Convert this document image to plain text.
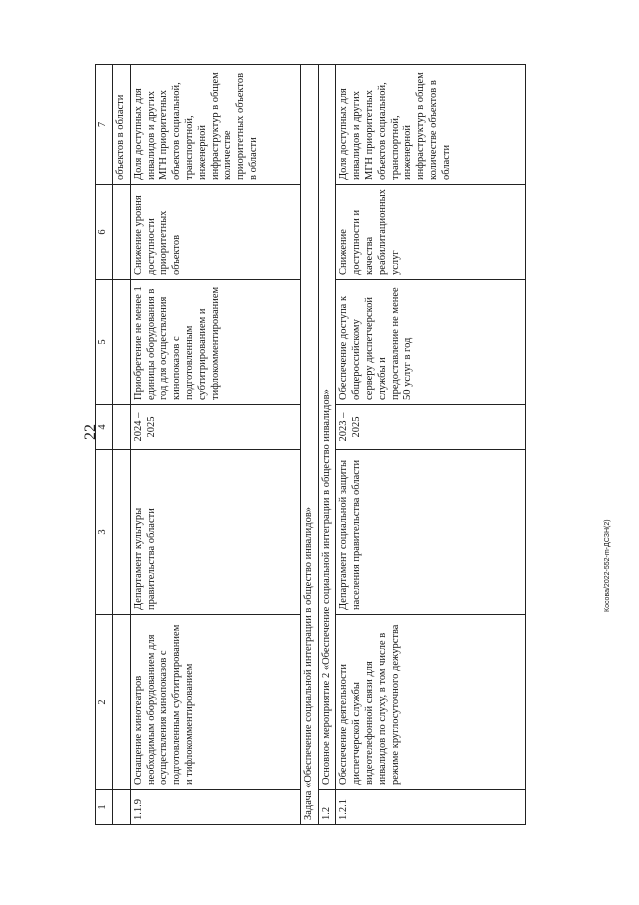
22
Косова/2022-552-m-ДСЗН(2)
1	2	3	4	5	6	7
						объектов в области
1.1.9	Оснащение кинотеатров необходимым оборудованием для осуществления кинопоказов с подготовленным субтитрированием и тифлокомментированием	Департамент культуры правительства области	2024 – 2025	Приобретение не менее 1 единицы оборудования в год для осуществления кинопоказов с подготовленным субтитрированием и тифлокомментированием	Снижение уровня доступности приоритетных объектов	Доля доступных для инвалидов и других МГН приоритетных объектов социальной, транспортной, инженерной инфраструктур в общем количестве приоритетных объектов в области
Задача «Обеспечение социальной интеграции в общество инвалидов»						
1.2	Основное мероприятие 2 «Обеспечение социальной интеграции в общество инвалидов»					
1.2.1	Обеспечение деятельности диспетчерской службы видеотелефонной связи для инвалидов по слуху, в том числе в режиме круглосуточного дежурства	Департамент социальной защиты населения правительства области	2023 – 2025	Обеспечение доступа к общероссийскому серверу диспетчерской службы и предоставление не менее 50 услуг в год	Снижение доступности и качества реабилитационных услуг	Доля доступных для инвалидов и других МГН приоритетных объектов социальной, транспортной, инженерной инфраструктур в общем количестве объектов в области
